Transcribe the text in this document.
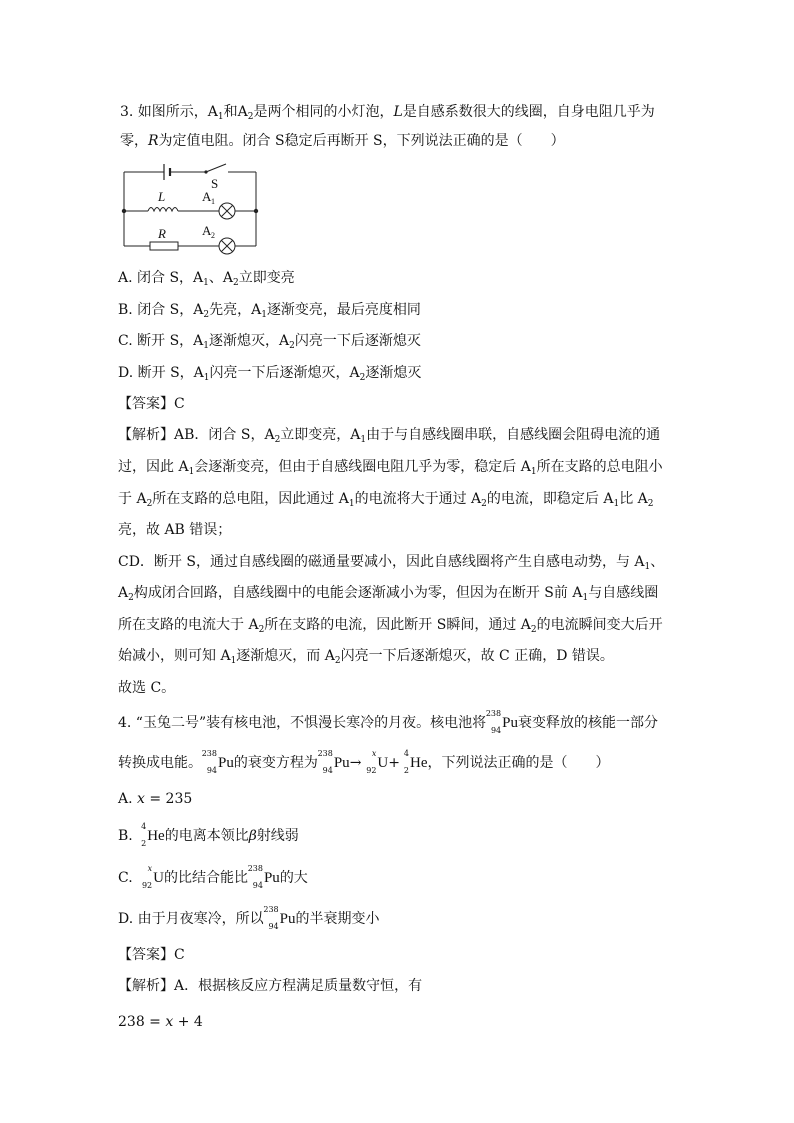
3. 如图所示，$A_1$和$A_2$是两个相同的小灯泡，L是自感系数很大的线圈，自身电阻几乎为
零，R为定值电阻。闭合 S稳定后再断开 S，下列说法正确的是（　　）
S
L	A 1
R	A 2
A. 闭合 S，$A_1$、$A_2$立即变亮
B. 闭合 S，$A_2$先亮，$A_1$逐渐变亮，最后亮度相同
C. 断开 S，$A_1$逐渐熄灭，$A_2$闪亮一下后逐渐熄灭
D. 断开 S，$A_1$闪亮一下后逐渐熄灭，$A_2$逐渐熄灭
【答案】C
【解析】AB．闭合 S，$A_2$立即变亮，$A_1$由于与自感线圈串联，自感线圈会阻碍电流的通
过，因此 $A_1$会逐渐变亮，但由于自感线圈电阻几乎为零，稳定后 $A_1$所在支路的总电阻小
于 $A_2$所在支路的总电阻，因此通过 $A_1$的电流将大于通过 $A_2$的电流，即稳定后 $A_1$比 $A_2$
亮，故 AB 错误；
CD．断开 S，通过自感线圈的磁通量要减小，因此自感线圈将产生自感电动势，与 $A_1$、
$A_2$构成闭合回路，自感线圈中的电能会逐渐减小为零，但因为在断开 S前 $A_1$与自感线圈
所在支路的电流大于 $A_2$所在支路的电流，因此断开 S瞬间，通过 $A_2$的电流瞬间变大后开
始减小，则可知 $A_1$逐渐熄灭，而 $A_2$闪亮一下后逐渐熄灭，故 C 正确，D 错误。
故选 C。
4. “玉兔二号”装有核电池，不惧漫长寒冷的月夜。核电池将
238
94 Pu衰变释放的核能一部分
转换成电能。
238
94 Pu的衰变方程为
238
94 Pu→
x
92 U+
4
2 He，下列说法正确的是（　　）
A. x = 235
B.
4
2 He的电离本领比β射线弱
C.
x
92 U的比结合能比
238
94 Pu的大
D. 由于月夜寒冷，所以
238
94 Pu的半衰期变小
【答案】C
【解析】A．根据核反应方程满足质量数守恒，有
238 = x + 4
